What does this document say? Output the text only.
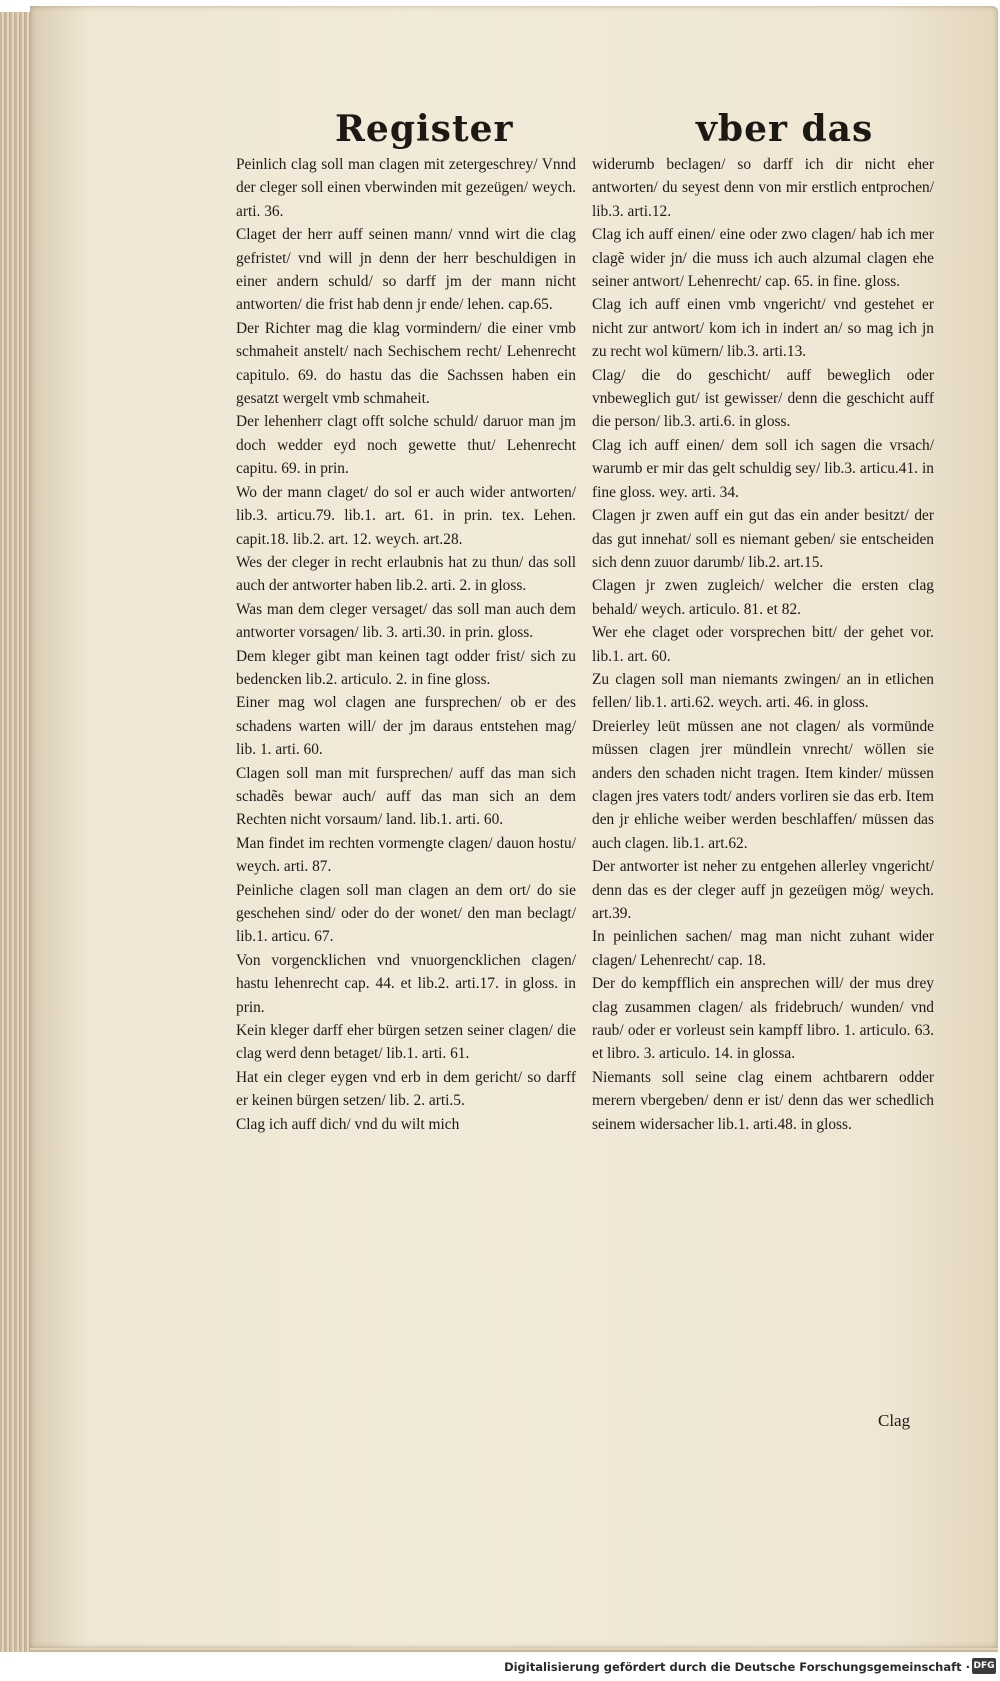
Register	vber das

Peinlich clag soll man clagen mit zetergeschrey/ Vnnd der cleger soll einen vberwinden mit gezeügen/ weych. arti. 36.

Claget der herr auff seinen mann/ vnnd wirt die clag gefristet/ vnd will jn denn der herr beschuldigen in einer andern schuld/ so darff jm der mann nicht antworten/ die frist hab denn jr ende/ lehen. cap.65.

Der Richter mag die klag vormindern/ die einer vmb schmaheit anstelt/ nach Sechischem recht/ Lehenrecht capitulo. 69. do hastu das die Sachssen haben ein gesatzt wergelt vmb schmaheit.

Der lehenherr clagt offt solche schuld/ daruor man jm doch wedder eyd noch gewette thut/ Lehenrecht capitu. 69. in prin.

Wo der mann claget/ do sol er auch wider antworten/ lib.3. articu.79. lib.1. art. 61. in prin. tex. Lehen. capit.18. lib.2. art. 12. weych. art.28.

Wes der cleger in recht erlaubnis hat zu thun/ das soll auch der antworter haben lib.2. arti. 2. in gloss.

Was man dem cleger versaget/ das soll man auch dem antworter vorsagen/ lib. 3. arti.30. in prin. gloss.

Dem kleger gibt man keinen tagt odder frist/ sich zu bedencken lib.2. articulo. 2. in fine gloss.

Einer mag wol clagen ane fursprechen/ ob er des schadens warten will/ der jm daraus entstehen mag/ lib. 1. arti. 60.

Clagen soll man mit fursprechen/ auff das man sich schadẽs bewar auch/ auff das man sich an dem Rechten nicht vorsaum/ land. lib.1. arti. 60.

Man findet im rechten vormengte clagen/ dauon hostu/ weych. arti. 87.

Peinliche clagen soll man clagen an dem ort/ do sie geschehen sind/ oder do der wonet/ den man beclagt/ lib.1. articu. 67.

Von vorgencklichen vnd vnuorgencklichen clagen/ hastu lehenrecht cap. 44. et lib.2. arti.17. in gloss. in prin.

Kein kleger darff eher bürgen setzen seiner clagen/ die clag werd denn betaget/ lib.1. arti. 61.

Hat ein cleger eygen vnd erb in dem gericht/ so darff er keinen bürgen setzen/ lib. 2. arti.5.

Clag ich auff dich/ vnd du wilt mich

widerumb beclagen/ so darff ich dir nicht eher antworten/ du seyest denn von mir erstlich entprochen/ lib.3. arti.12.

Clag ich auff einen/ eine oder zwo clagen/ hab ich mer clagẽ wider jn/ die muss ich auch alzumal clagen ehe seiner antwort/ Lehenrecht/ cap. 65. in fine. gloss.

Clag ich auff einen vmb vngericht/ vnd gestehet er nicht zur antwort/ kom ich in indert an/ so mag ich jn zu recht wol kümern/ lib.3. arti.13.

Clag/ die do geschicht/ auff beweglich oder vnbeweglich gut/ ist gewisser/ denn die geschicht auff die person/ lib.3. arti.6. in gloss.

Clag ich auff einen/ dem soll ich sagen die vrsach/ warumb er mir das gelt schuldig sey/ lib.3. articu.41. in fine gloss. wey. arti. 34.

Clagen jr zwen auff ein gut das ein ander besitzt/ der das gut innehat/ soll es niemant geben/ sie entscheiden sich denn zuuor darumb/ lib.2. art.15.

Clagen jr zwen zugleich/ welcher die ersten clag behald/ weych. articulo. 81. et 82.

Wer ehe claget oder vorsprechen bitt/ der gehet vor. lib.1. art. 60.

Zu clagen soll man niemants zwingen/ an in etlichen fellen/ lib.1. arti.62. weych. arti. 46. in gloss.

Dreierley leüt müssen ane not clagen/ als vormünde müssen clagen jrer mündlein vnrecht/ wöllen sie anders den schaden nicht tragen. Item kinder/ müssen clagen jres vaters todt/ anders vorliren sie das erb. Item den jr ehliche weiber werden beschlaffen/ müssen das auch clagen. lib.1. art.62.

Der antworter ist neher zu entgehen allerley vngericht/ denn das es der cleger auff jn gezeügen mög/ weych. art.39.

In peinlichen sachen/ mag man nicht zuhant wider clagen/ Lehenrecht/ cap. 18.

Der do kempfflich ein ansprechen will/ der mus drey clag zusammen clagen/ als fridebruch/ wunden/ vnd raub/ oder er vorleust sein kampff libro. 1. articulo. 63. et libro. 3. articulo. 14. in glossa.

Niemants soll seine clag einem achtbarern odder merern vbergeben/ denn er ist/ denn das wer schedlich seinem widersacher lib.1. arti.48. in gloss.

Clag
Digitalisierung gefördert durch die Deutsche Forschungsgemeinschaft · DFG
